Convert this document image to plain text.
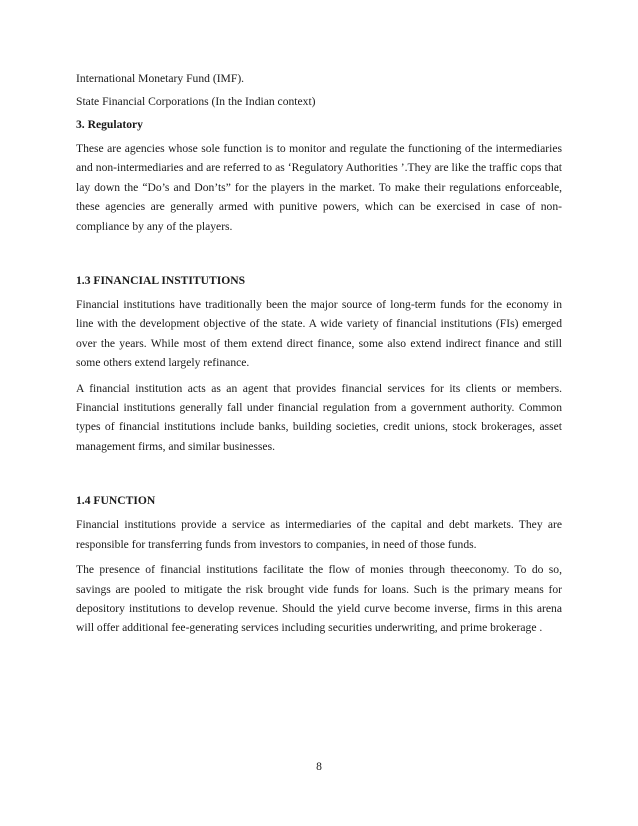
International Monetary Fund (IMF).

State Financial Corporations (In the Indian context)

3. Regulatory

These are agencies whose sole function is to monitor and regulate the functioning of the intermediaries and non-intermediaries and are referred to as ‘Regulatory Authorities ’.They are like the traffic cops that lay down the “Do’s and Don’ts” for the players in the market. To make their regulations enforceable, these agencies are generally armed with punitive powers, which can be exercised in case of non-compliance by any of the players.

1.3 FINANCIAL INSTITUTIONS

Financial institutions have traditionally been the major source of long-term funds for the economy in line with the development objective of the state. A wide variety of financial institutions (FIs) emerged over the years. While most of them extend direct finance, some also extend indirect finance and still some others extend largely refinance.

A financial institution acts as an agent that provides financial services for its clients or members. Financial institutions generally fall under financial regulation from a government authority. Common types of financial institutions include banks, building societies, credit unions, stock brokerages, asset management firms, and similar businesses.

1.4 FUNCTION

Financial institutions provide a service as intermediaries of the capital and debt markets. They are responsible for transferring funds from investors to companies, in need of those funds.

The presence of financial institutions facilitate the flow of monies through theeconomy. To do so, savings are pooled to mitigate the risk brought vide funds for loans. Such is the primary means for depository institutions to develop revenue. Should the yield curve become inverse, firms in this arena will offer additional fee-generating services including securities underwriting, and prime brokerage .

8
